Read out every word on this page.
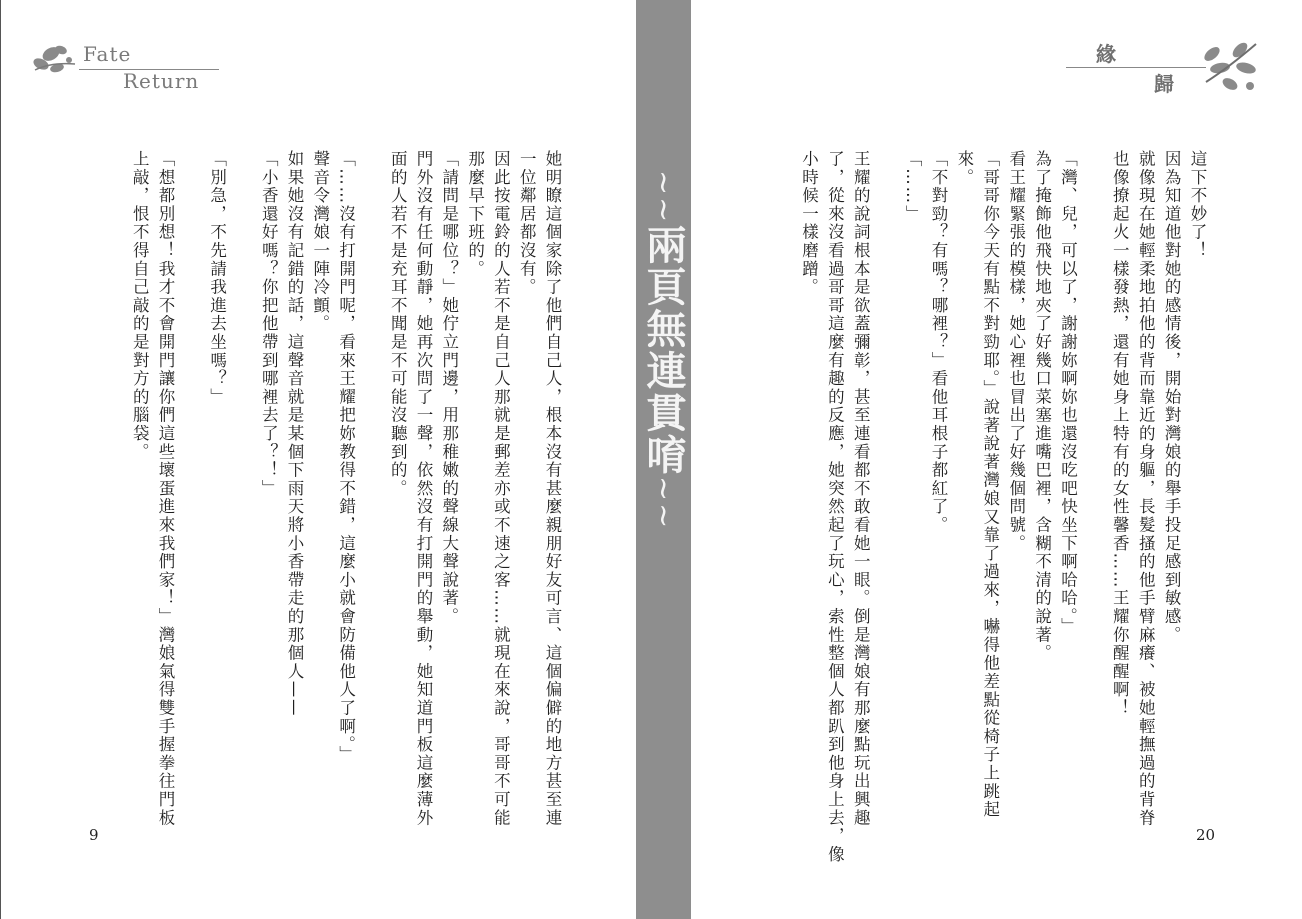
Fate
Return
她明瞭這個家除了他們自己人，根本沒有甚麼親朋好友可言、這個偏僻的地方甚至連
一位鄰居都沒有。
因此按電鈴的人若不是自己人那就是郵差亦或不速之客……就現在來說，哥哥不可能
那麼早下班的。
「請問是哪位？」她佇立門邊，用那稚嫩的聲線大聲說著。
門外沒有任何動靜，她再次問了一聲，依然沒有打開門的舉動，她知道門板這麼薄外
面的人若不是充耳不聞是不可能沒聽到的。
「……沒有打開門呢，看來王耀把妳教得不錯，這麼小就會防備他人了啊。」
聲音令灣娘一陣冷顫。
如果她沒有記錯的話，這聲音就是某個下雨天將小香帶走的那個人——
「小香還好嗎？你把他帶到哪裡去了？！」
「別急，不先請我進去坐嗎？」
「想都別想！我才不會開門讓你們這些壞蛋進來我們家！」灣娘氣得雙手握拳往門板
上敲，恨不得自己敲的是對方的腦袋。
9
~~
兩頁無連貫唷
~~
緣
歸
這下不妙了！
因為知道他對她的感情後，開始對灣娘的舉手投足感到敏感。
就像現在她輕柔地拍他的背而靠近的身軀，長髮搔的他手臂麻癢、被她輕撫過的背脊
也像撩起火一樣發熱，還有她身上特有的女性馨香……王耀你醒醒啊！
「灣、兒，可以了，謝謝妳啊妳也還沒吃吧快坐下啊哈哈。」
為了掩飾他飛快地夾了好幾口菜塞進嘴巴裡，含糊不清的說著。
看王耀緊張的模樣，她心裡也冒出了好幾個問號。
「哥哥你今天有點不對勁耶。」說著說著灣娘又靠了過來，嚇得他差點從椅子上跳起
來。
「不對勁？有嗎？哪裡？」看他耳根子都紅了。
「……」
王耀的說詞根本是欲蓋彌彰，甚至連看都不敢看她一眼。倒是灣娘有那麼點玩出興趣
了，從來沒看過哥哥這麼有趣的反應，她突然起了玩心，索性整個人都趴到他身上去，像
小時候一樣磨蹭。
20
